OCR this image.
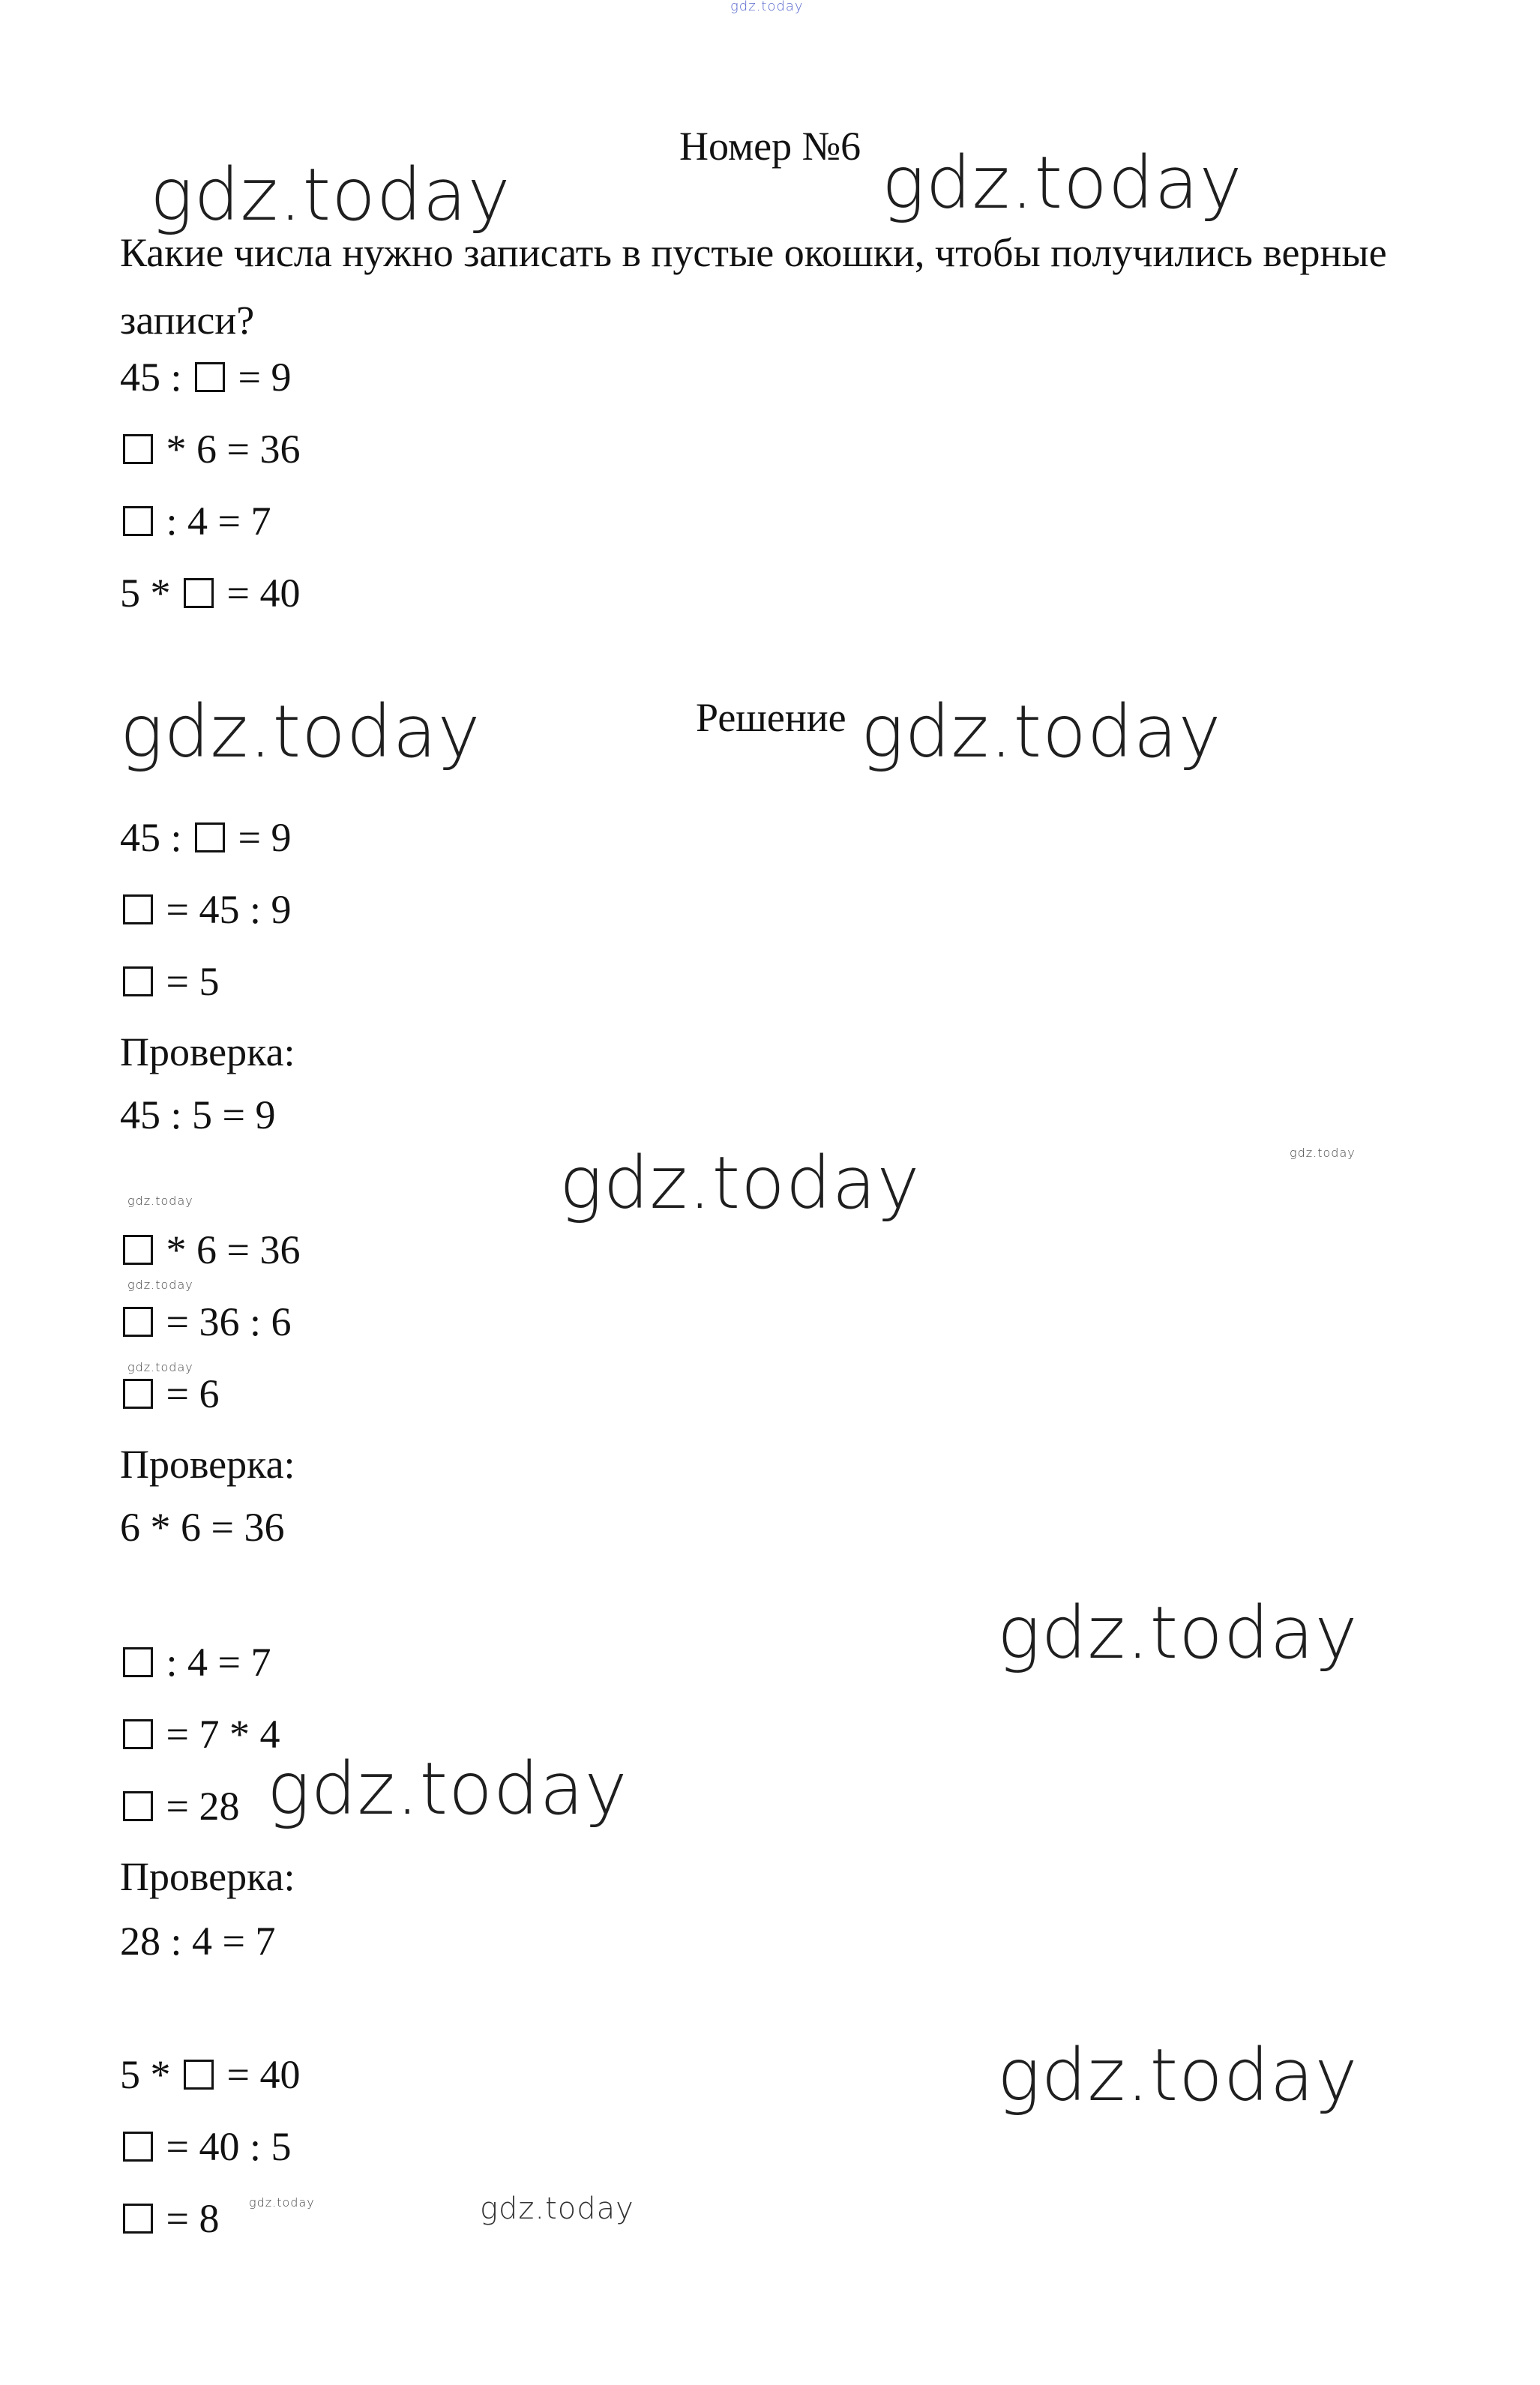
gdz.today
gdz.today	gdz.today
gdz.today	gdz.today
gdz.today	gdz.today
gdz.today
gdz.today
gdz.today
gdz.today
gdz.today
gdz.today
gdz.today	gdz.today
Номер №6
Какие числа нужно записать в пустые окошки, чтобы получились верные записи?
45 :  = 9
* 6 = 36
: 4 = 7
5 *  = 40
Решение
45 :  = 9
= 45 : 9
= 5
Проверка:
45 : 5 = 9
* 6 = 36
= 36 : 6
= 6
Проверка:
6 * 6 = 36
: 4 = 7
= 7 * 4
= 28
Проверка:
28 : 4 = 7
5 *  = 40
= 40 : 5
= 8
